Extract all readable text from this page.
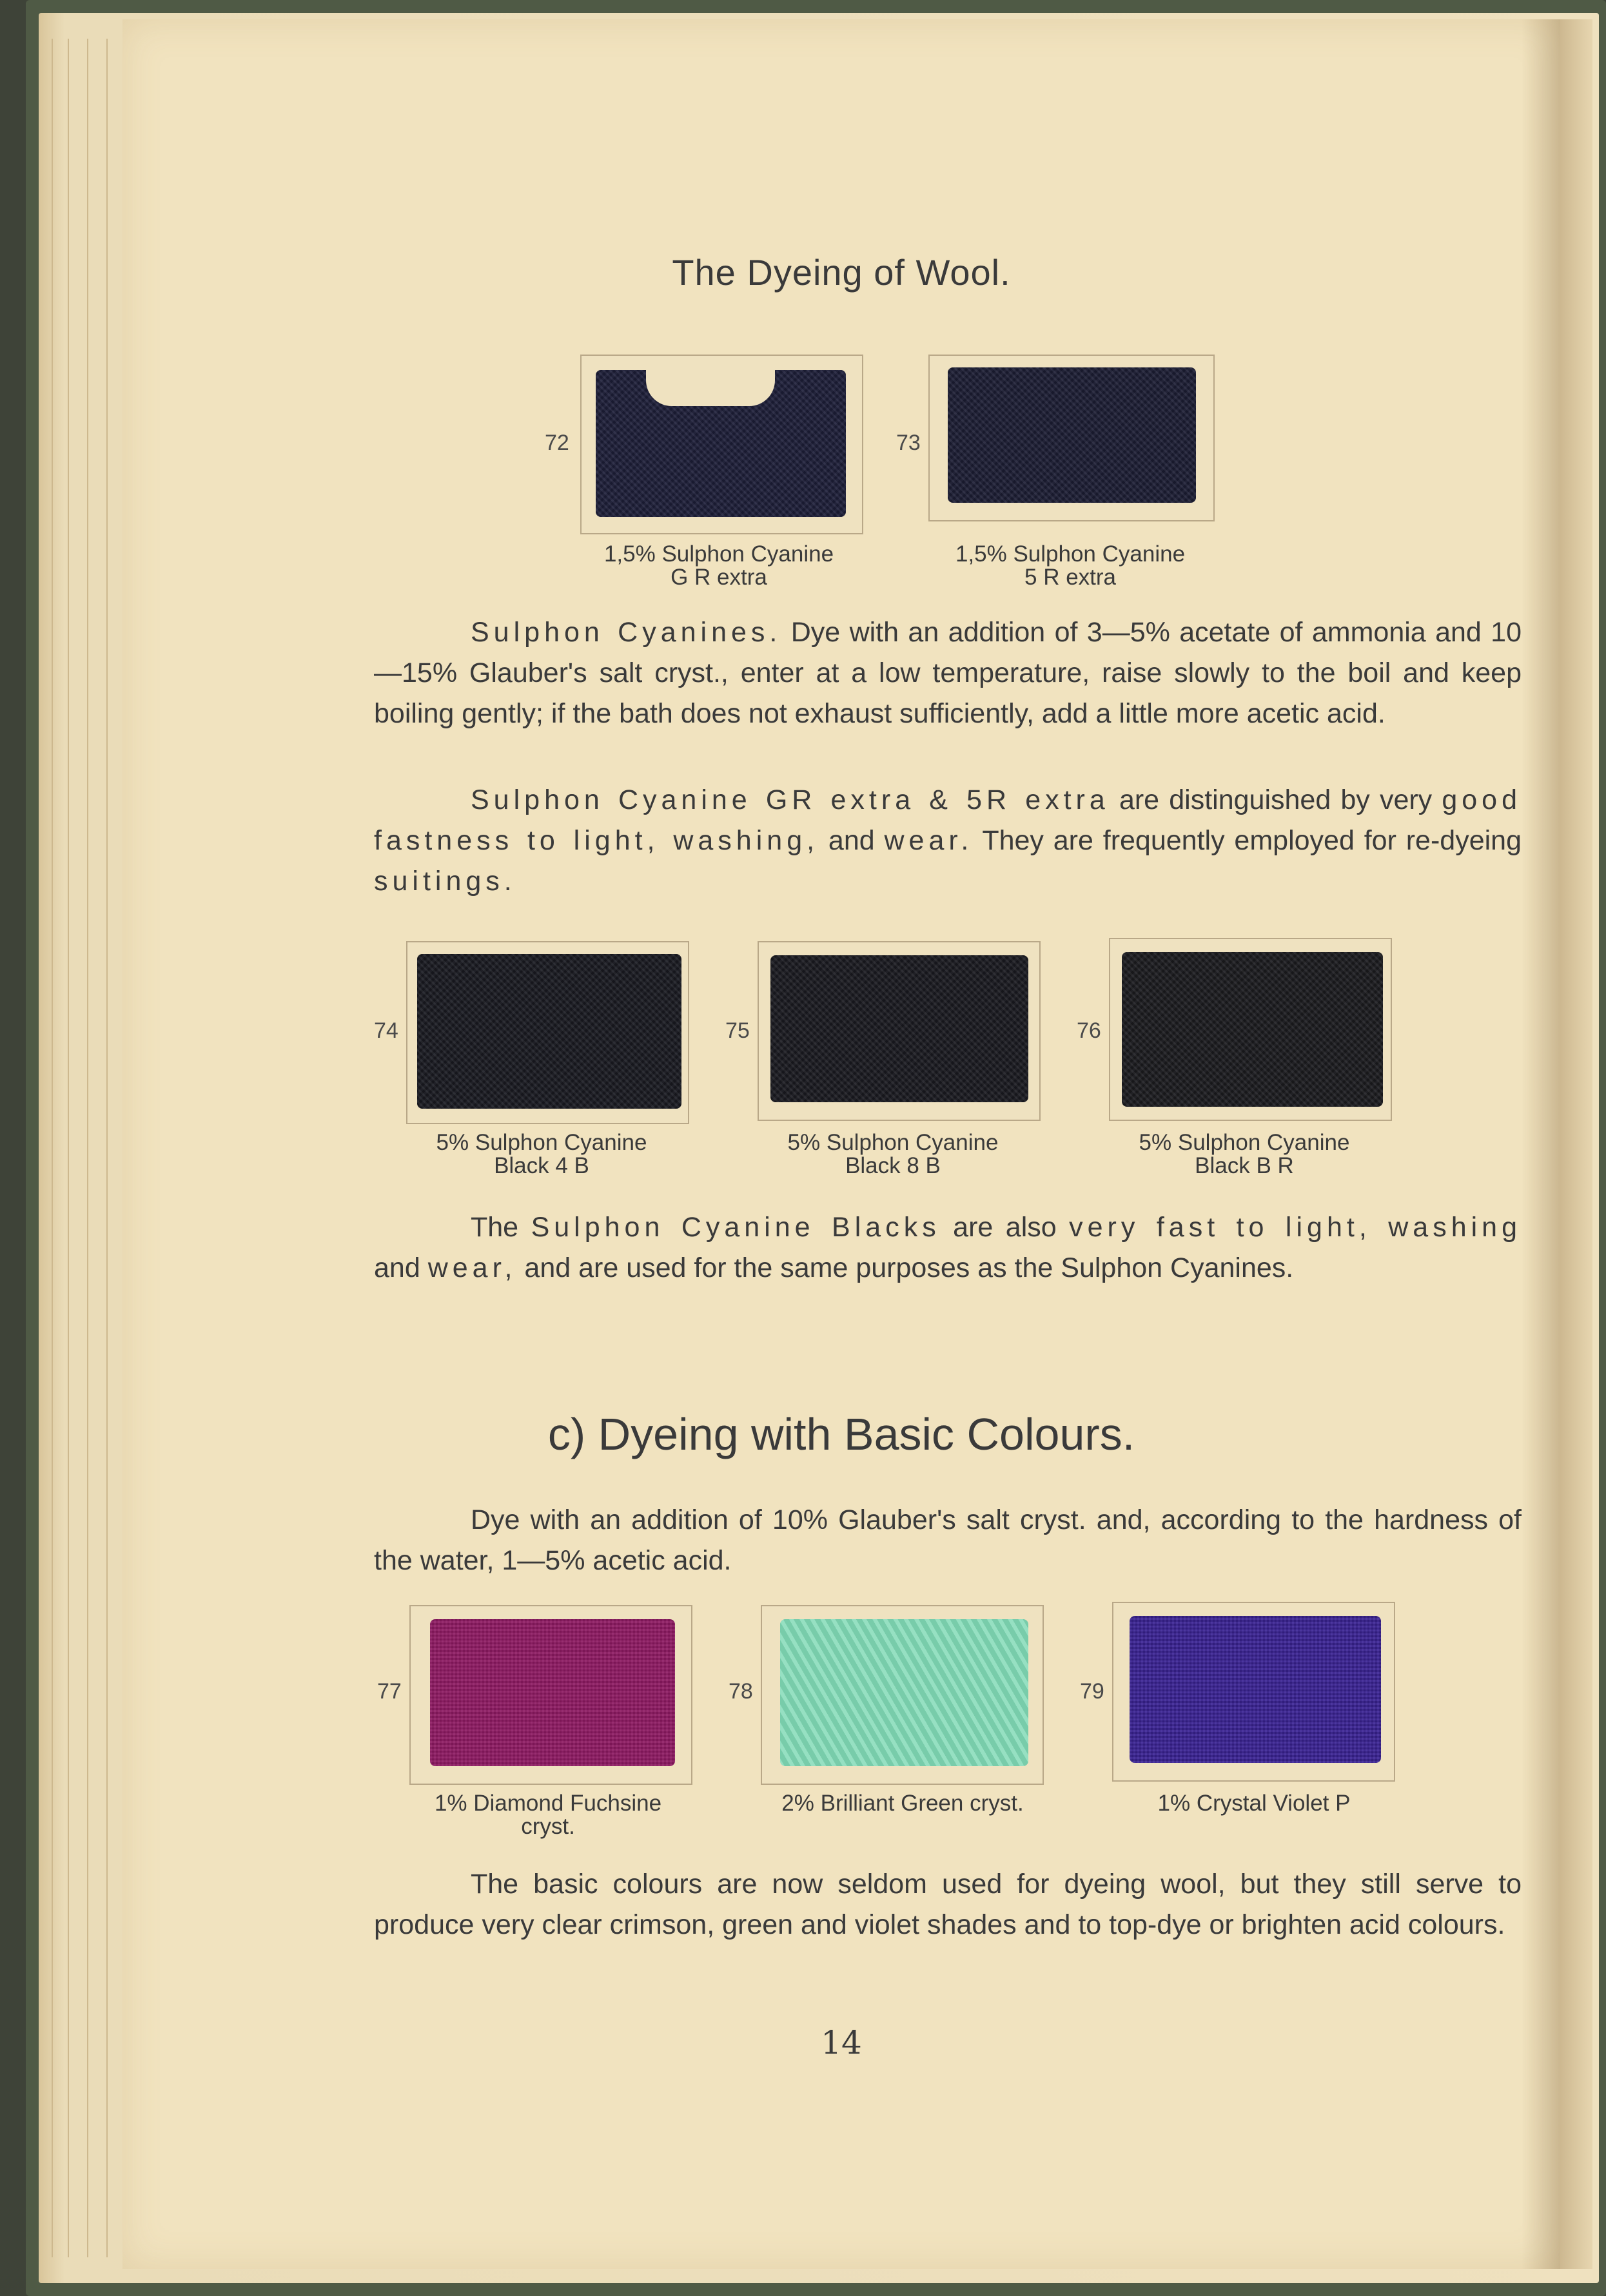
The Dyeing of Wool.
72
1,5% Sulphon Cyanine
G R extra
73
1,5% Sulphon Cyanine
5 R extra

Sulphon Cyanines. Dye with an addition of 3—5% acetate of ammonia and 10—15% Glauber's salt cryst., enter at a low temperature, raise slowly to the boil and keep boiling gently; if the bath does not exhaust sufficiently, add a little more acetic acid.

Sulphon Cyanine GR extra & 5R extra are distinguished by very good fastness to light, washing, and wear. They are frequently employed for re-dyeing suitings.

74
5% Sulphon Cyanine
Black 4 B
75
5% Sulphon Cyanine
Black 8 B
76
5% Sulphon Cyanine
Black B R

The Sulphon Cyanine Blacks are also very fast to light, washing and wear, and are used for the same purposes as the Sulphon Cyanines.

c) Dyeing with Basic Colours.

Dye with an addition of 10% Glauber's salt cryst. and, according to the hardness of the water, 1—5% acetic acid.

77
1% Diamond Fuchsine
cryst.
78
2% Brilliant Green cryst.
79
1% Crystal Violet P

The basic colours are now seldom used for dyeing wool, but they still serve to produce very clear crimson, green and violet shades and to top-dye or brighten acid colours.

14
